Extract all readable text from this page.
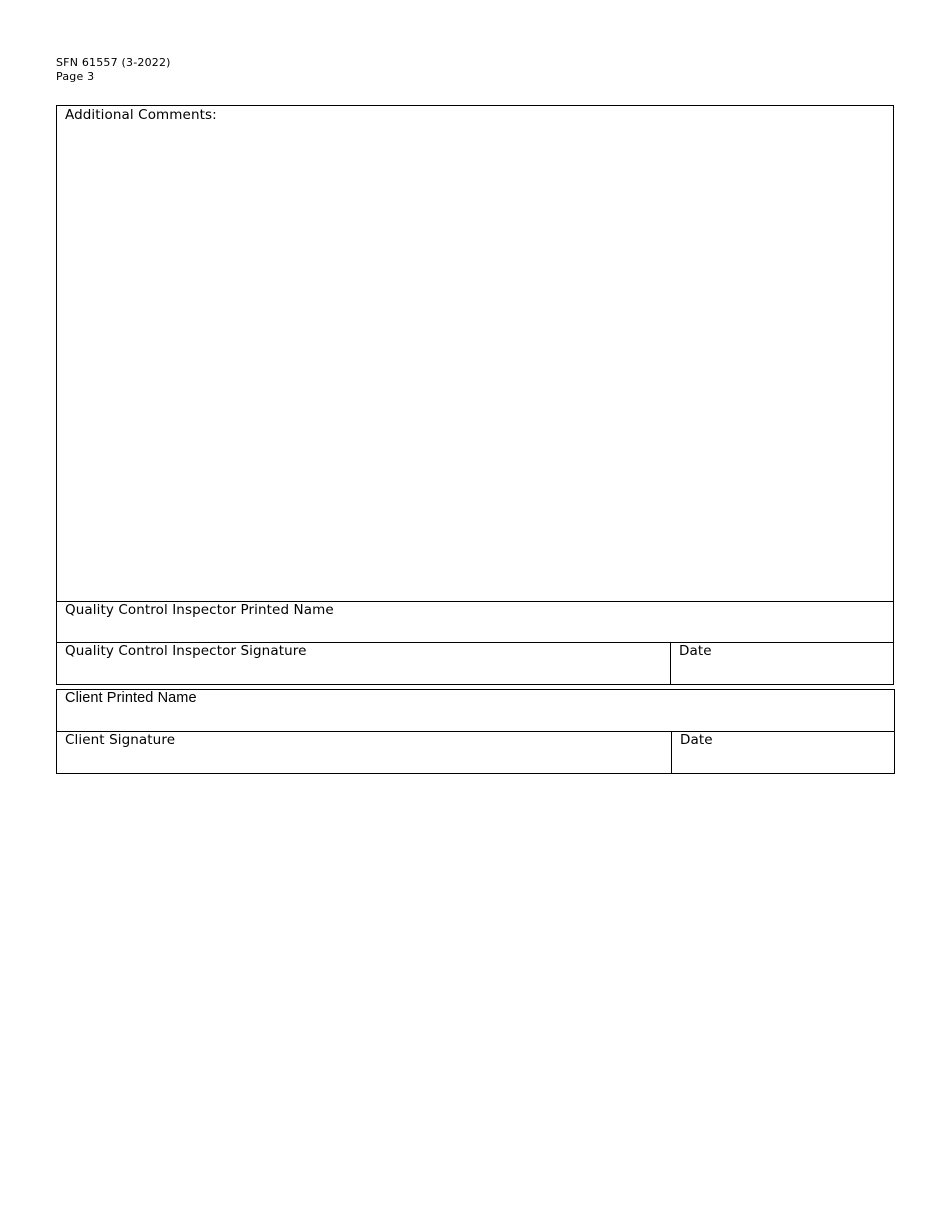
SFN 61557 (3-2022)
Page 3
Additional Comments:
Quality Control Inspector Printed Name
Quality Control Inspector Signature	Date
Client Printed Name
Client Signature	Date
